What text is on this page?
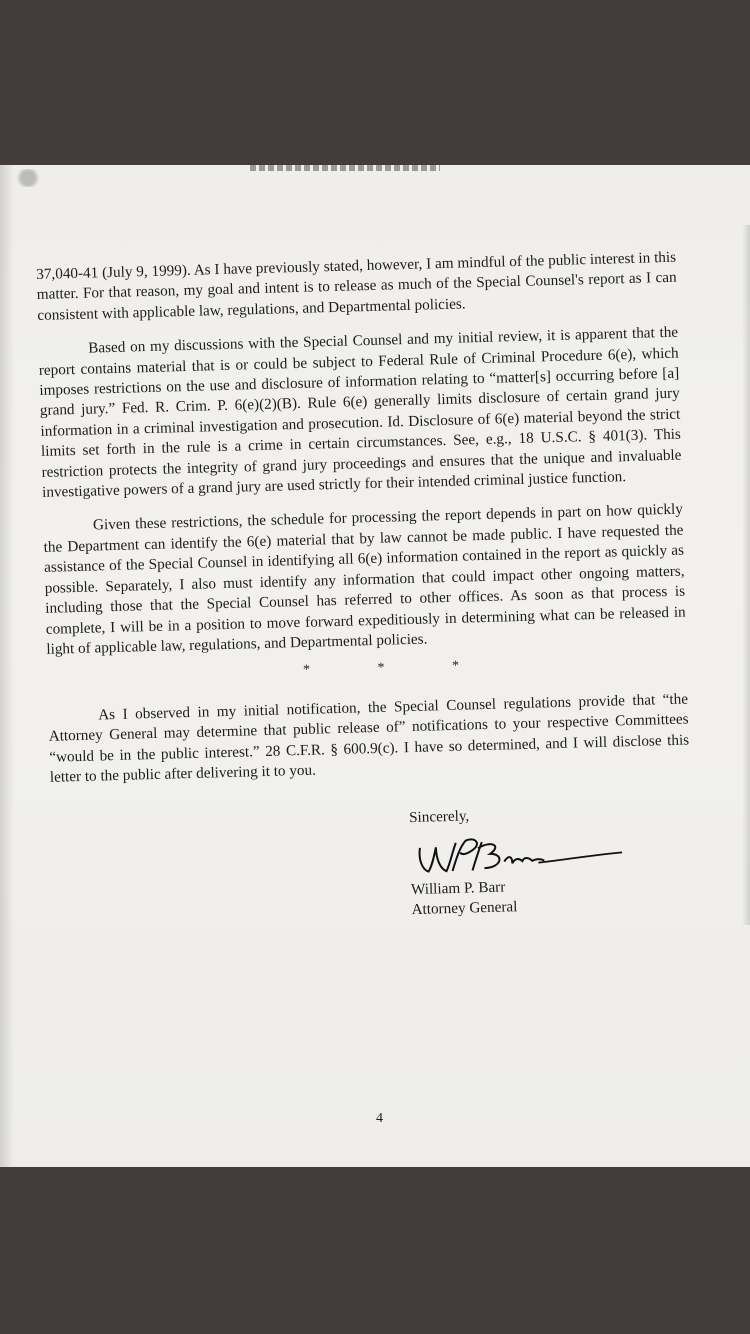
37,040-41 (July 9, 1999). As I have previously stated, however, I am mindful of the public interest in this matter. For that reason, my goal and intent is to release as much of the Special Counsel's report as I can consistent with applicable law, regulations, and Departmental policies.

Based on my discussions with the Special Counsel and my initial review, it is apparent that the report contains material that is or could be subject to Federal Rule of Criminal Procedure 6(e), which imposes restrictions on the use and disclosure of information relating to “matter[s] occurring before [a] grand jury.” Fed. R. Crim. P. 6(e)(2)(B). Rule 6(e) generally limits disclosure of certain grand jury information in a criminal investigation and prosecution. Id. Disclosure of 6(e) material beyond the strict limits set forth in the rule is a crime in certain circumstances. See, e.g., 18 U.S.C. § 401(3). This restriction protects the integrity of grand jury proceedings and ensures that the unique and invaluable investigative powers of a grand jury are used strictly for their intended criminal justice function.

Given these restrictions, the schedule for processing the report depends in part on how quickly the Department can identify the 6(e) material that by law cannot be made public. I have requested the assistance of the Special Counsel in identifying all 6(e) information contained in the report as quickly as possible. Separately, I also must identify any information that could impact other ongoing matters, including those that the Special Counsel has referred to other offices. As soon as that process is complete, I will be in a position to move forward expeditiously in determining what can be released in light of applicable law, regulations, and Departmental policies.

* * *

As I observed in my initial notification, the Special Counsel regulations provide that “the Attorney General may determine that public release of” notifications to your respective Committees “would be in the public interest.” 28 C.F.R. § 600.9(c). I have so determined, and I will disclose this letter to the public after delivering it to you.

Sincerely,
William P. Barr
Attorney General
4
